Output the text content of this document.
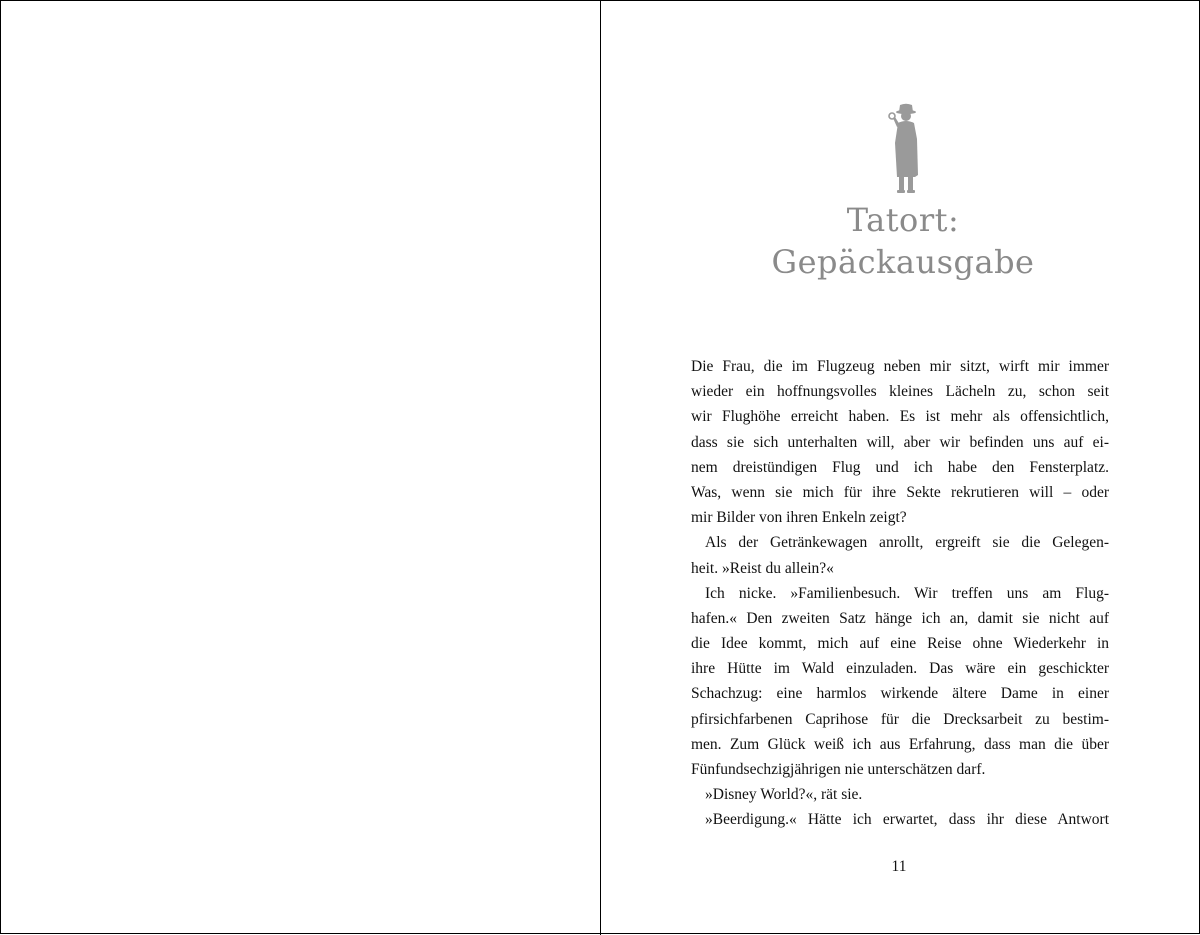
Tatort:
Gepäckausgabe
Die Frau, die im Flugzeug neben mir sitzt, wirft mir immer
wieder ein hoffnungsvolles kleines Lächeln zu, schon seit
wir Flughöhe erreicht haben. Es ist mehr als offensichtlich,
dass sie sich unterhalten will, aber wir befinden uns auf ei-
nem dreistündigen Flug und ich habe den Fensterplatz.
Was, wenn sie mich für ihre Sekte rekrutieren will – oder
mir Bilder von ihren Enkeln zeigt?
Als der Getränkewagen anrollt, ergreift sie die Gelegen-
heit. »Reist du allein?«
Ich nicke. »Familienbesuch. Wir treffen uns am Flug-
hafen.« Den zweiten Satz hänge ich an, damit sie nicht auf
die Idee kommt, mich auf eine Reise ohne Wiederkehr in
ihre Hütte im Wald einzuladen. Das wäre ein geschickter
Schachzug: eine harmlos wirkende ältere Dame in einer
pfirsichfarbenen Caprihose für die Drecksarbeit zu bestim-
men. Zum Glück weiß ich aus Erfahrung, dass man die über
Fünfundsechzigjährigen nie unterschätzen darf.
»Disney World?«, rät sie.
»Beerdigung.« Hätte ich erwartet, dass ihr diese Antwort
11
